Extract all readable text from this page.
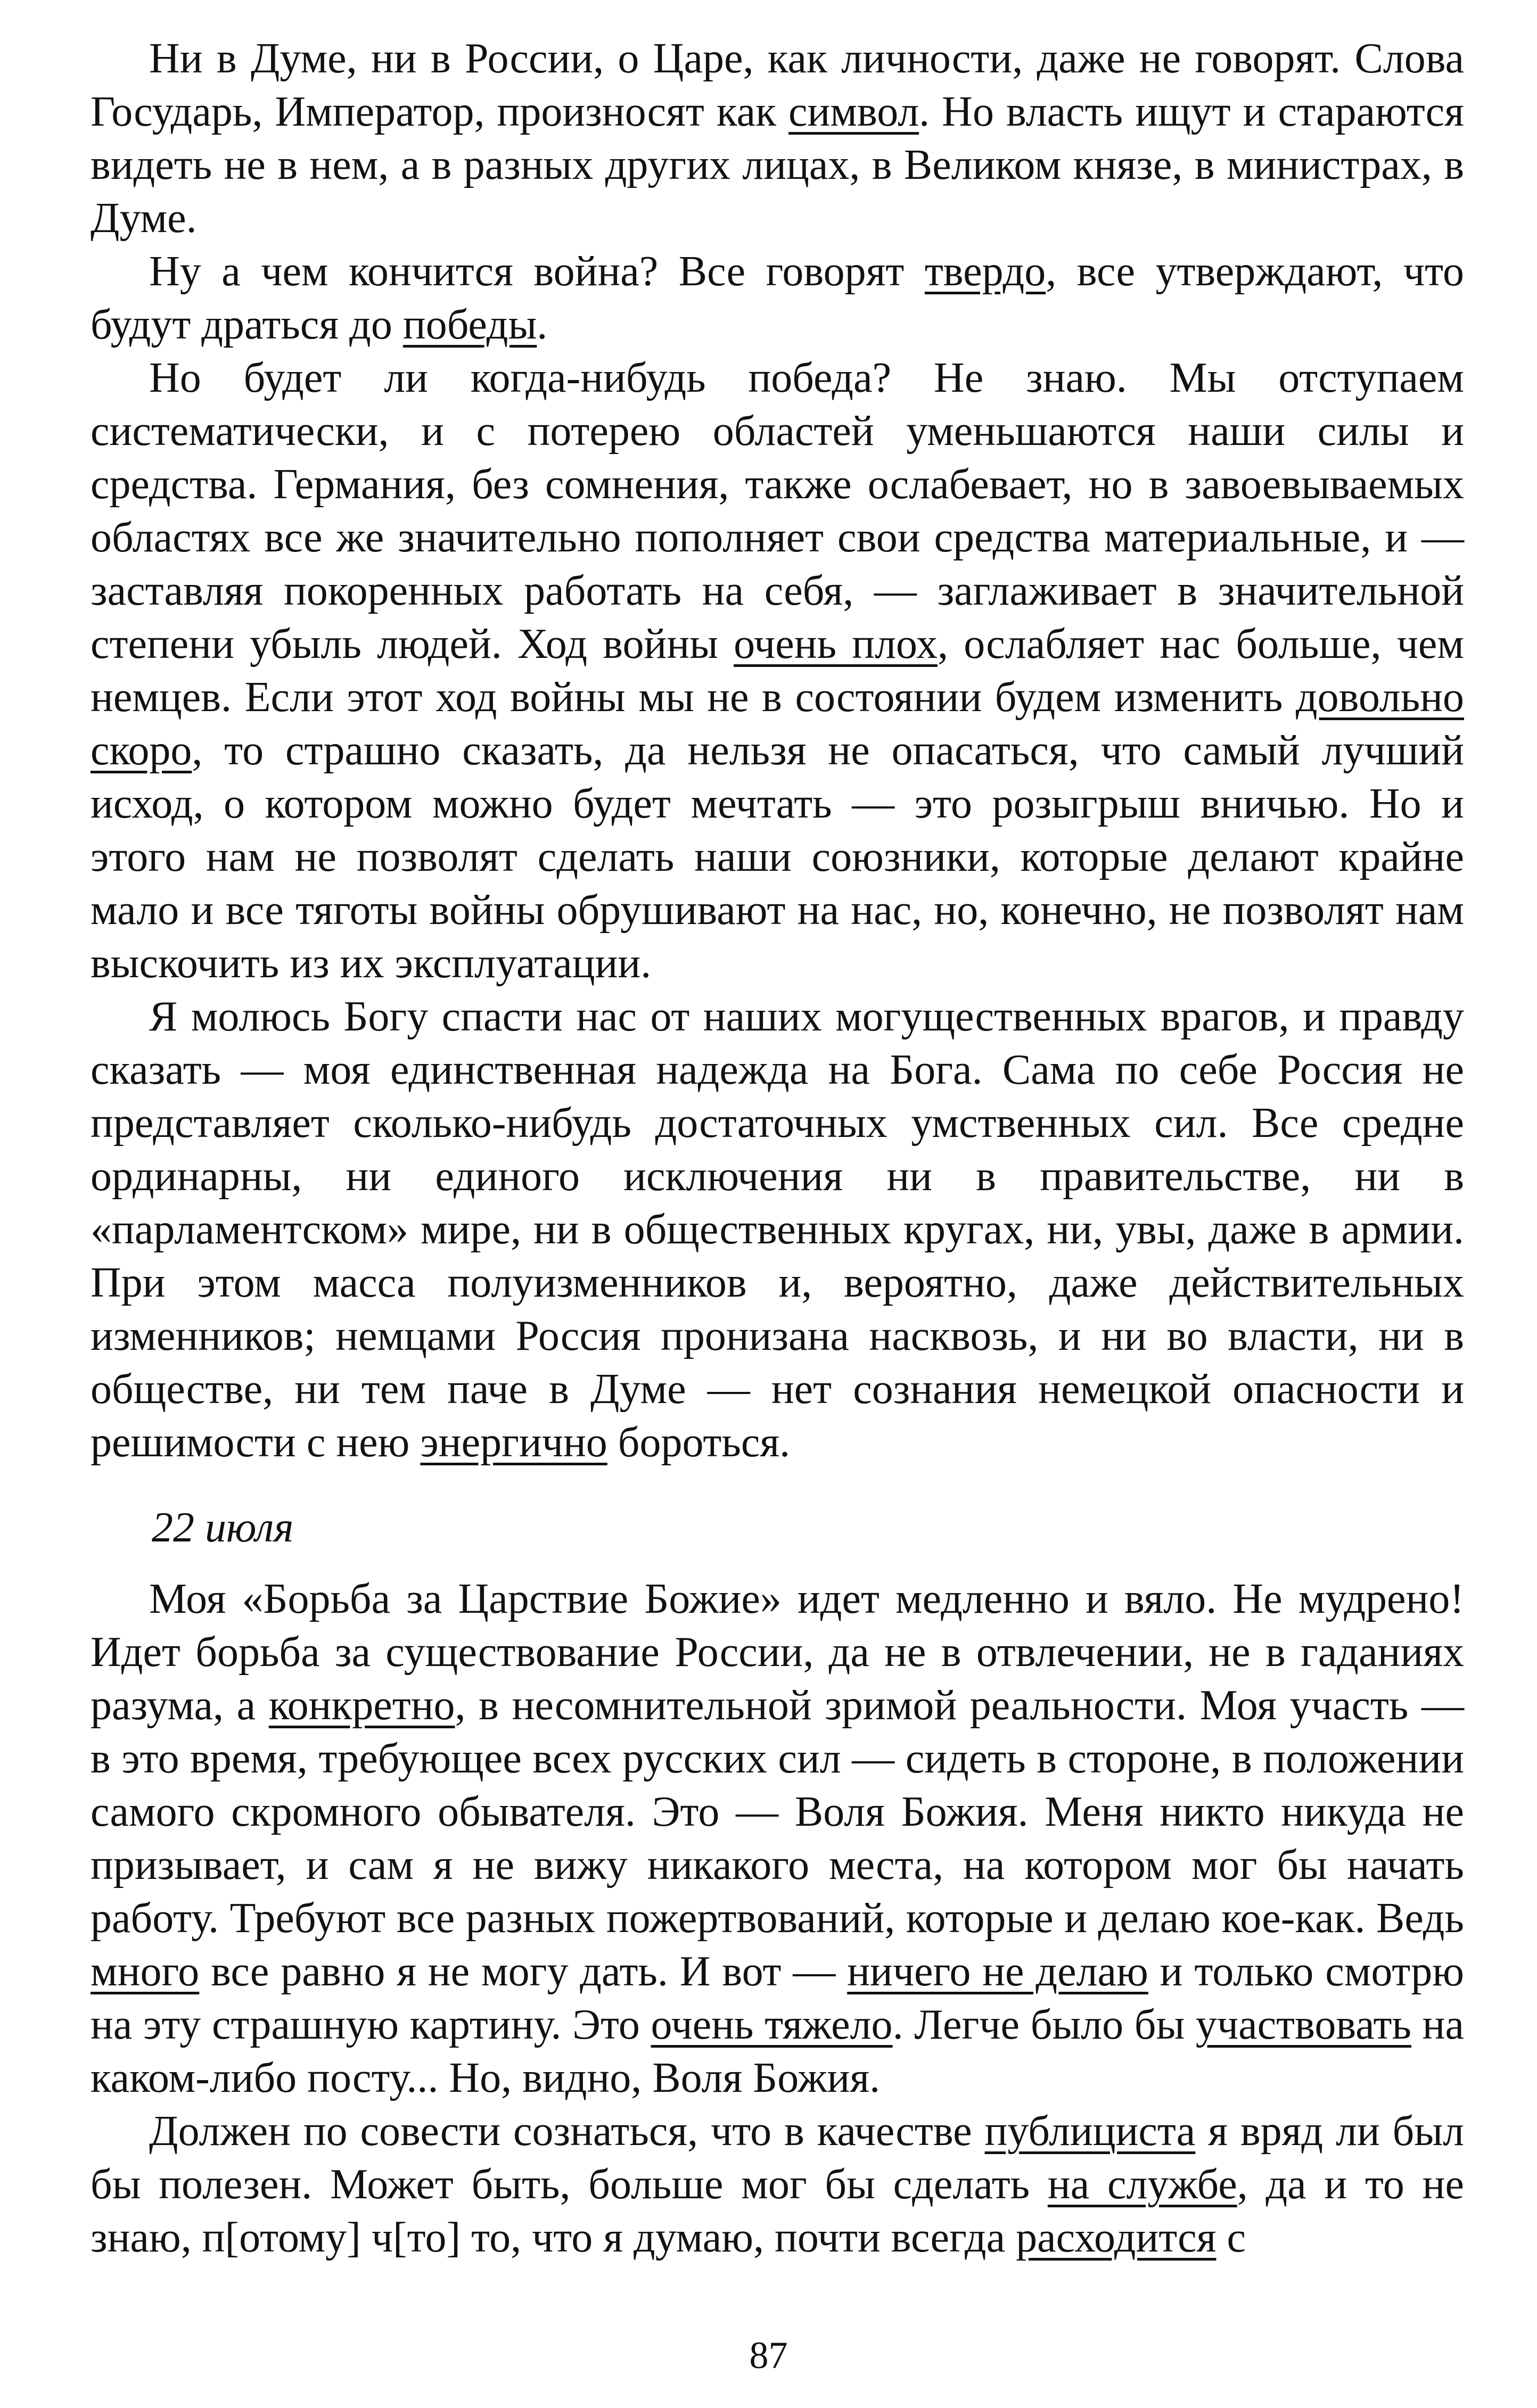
Ни в Думе, ни в России, о Царе, как личности, даже не говорят. Слова Государь, Император, произносят как символ. Но власть ищут и стараются видеть не в нем, а в разных других лицах, в Великом князе, в министрах, в Думе.

Ну а чем кончится война? Все говорят твердо, все утверждают, что будут драться до победы.

Но будет ли когда-нибудь победа? Не знаю. Мы отступаем систематически, и с потерею областей уменьшаются наши силы и средства. Германия, без сомнения, также ослабевает, но в завоевываемых областях все же значительно пополняет свои средства материальные, и — заставляя покоренных работать на себя, — заглаживает в значительной степени убыль людей. Ход войны очень плох, ослабляет нас больше, чем немцев. Если этот ход войны мы не в состоянии будем изменить довольно скоро, то страшно сказать, да нельзя не опасаться, что самый лучший исход, о котором можно будет мечтать — это розыгрыш вничью. Но и этого нам не позволят сделать наши союзники, которые делают крайне мало и все тяготы войны обрушивают на нас, но, конечно, не позволят нам выскочить из их эксплуатации.

Я молюсь Богу спасти нас от наших могущественных врагов, и правду сказать — моя единственная надежда на Бога. Сама по себе Россия не представляет сколько-нибудь достаточных умственных сил. Все средне ординарны, ни единого исключения ни в правительстве, ни в «парламентском» мире, ни в общественных кругах, ни, увы, даже в армии. При этом масса полуизменников и, вероятно, даже действительных изменников; немцами Россия пронизана насквозь, и ни во власти, ни в обществе, ни тем паче в Думе — нет сознания немецкой опасности и решимости с нею энергично бороться.

22 июля

Моя «Борьба за Царствие Божие» идет медленно и вяло. Не мудрено! Идет борьба за существование России, да не в отвлечении, не в гаданиях разума, а конкретно, в несомнительной зримой реальности. Моя участь — в это время, требующее всех русских сил — сидеть в стороне, в положении самого скромного обывателя. Это — Воля Божия. Меня никто никуда не призывает, и сам я не вижу никакого места, на котором мог бы начать работу. Требуют все разных пожертвований, которые и делаю кое-как. Ведь много все равно я не могу дать. И вот — ничего не делаю и только смотрю на эту страшную картину. Это очень тяжело. Легче было бы участвовать на каком-либо посту... Но, видно, Воля Божия.

Должен по совести сознаться, что в качестве публициста я вряд ли был бы полезен. Может быть, больше мог бы сделать на службе, да и то не знаю, п[отому] ч[то] то, что я думаю, почти всегда расходится с

87
